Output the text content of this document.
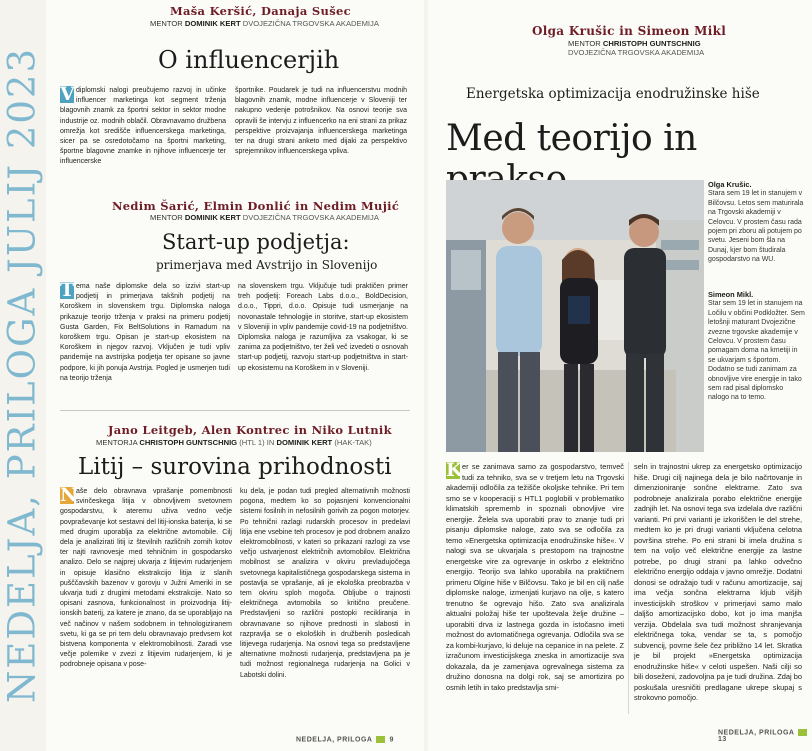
NEDELJA, PRILOGA JULIJ 2023
Maša Keršić, Danaja Sušec
MENTOR DOMINIK KERT DVOJEZIČNA TRGOVSKA AKADEMIJA
O influencerjih
V diplomski nalogi preučujemo razvoj in učinke influencer marketinga kot segment trženja blagovnih znamk za športni sektor in sektor modne industrije oz. modnih oblačil. Obravnavamo družbena omrežja kot središče influencerskega marketinga, sicer pa se osredotočamo na športni marketing, športne blagovne znamke in njihove influencerje ter influencerske
športnike. Poudarek je tudi na influencerstvu modnih blagovnih znamk, modne influencerje v Sloveniji ter nakupno vedenje potrošnikov. Na osnovi teorije sva opravili še intervju z influencerko na eni strani za prikaz perspektive proizvajanja influencerskega marketinga ter na drugi strani anketo med dijaki za perspektivo sprejemnikov influencerskega vpliva.
Nedim Šarić, Elmin Donlić in Nedim Mujić
MENTOR DOMINIK KERT DVOJEZIČNA TRGOVSKA AKADEMIJA
Start-up podjetja:
primerjava med Avstrijo in Slovenijo
T ema naše diplomske dela so izzivi start-up podjetij in primerjava takšnih podjetij na Koroškem in slovenskem trgu. Diplomska naloga prikazuje teorijo trženja v praksi na primeru podjetij Gusta Garden, Fix BeltSolutions in Ramadum na koroškem trgu. Opisan je start-up ekosistem na Koroškem in njegov razvoj. Vključen je tudi vpliv pandemije na avstrijska podjetja ter opisane so javne podpore, ki jih ponuja Avstrija. Pogled je usmerjen tudi na teorijo trženja
na slovenskem trgu. Vključuje tudi praktičen primer treh podjetij: Foreach Labs d.o.o., BoldDecision, d.o.o., Tippri, d.o.o. Opisuje tudi usmerjanje na novonastale tehnologije in storitve, start-up ekosistem v Sloveniji in vpliv pandemije covid-19 na podjetništvo. Diplomska naloga je razumljiva za vsakogar, ki se zanima za podjetništvo, ter želi več izvedeti o osnovah start-up podjetij, razvoju start-up podjetništva in start-up ekosistemu na Koroškem in v Sloveniji.
Jano Leitgeb, Alen Kontrec in Niko Lutnik
MENTORJA CHRISTOPH GUNTSCHNIG (HTL 1) IN DOMINIK KERT (HAK-TAK)
Litij – surovina prihodnosti
N
aše delo obravnava vprašanje pomembnosti svinčeskega litija v obnovljivem svetovnem gospodarstvu, k ateremu uživa vedno večje povpraševanje kot sestavni del litij-ionska baterija, ki se med drugim uporablja za električne avtomobile. Cilj dela je analizirati litij iz številnih različnih zornih kotov ter najti ravnovesje med tehničnim in gospodarsko analizo. Delo se najprej ukvarja z litijevim rudarjenjem in opisuje klasično ekstrakcijo litija iz slanih pušččavskih bazenov v gorovju v Južni Ameriki in se ukvarja tudi z drugimi metodami ekstrakcije. Nato so opisani zasnova, funkcionalnost in proizvodnja litij-ionskih baterij, za katere je znano, da se uporabljajo na več načinov v našem sodobnem in tehnologiziranem svetu, ki ga se pri tem delu obravnavajo predvsem kot bistvena komponenta v elektromobilnosti. Zaradi vse večje polemike v zvezi z litijevim rudarjenjem, ki je podrobneje opisana v pose-
ku dela, je podan tudi pregled alternativnih možnosti pogona, medtem ko so pojasnjeni konvencionalni sistemi fosilnih in nefosilnih gorivih za pogon motorjev. Po tehnični razlagi rudarskih procesov in predelavi litija ene vsebine teh procesov je pod drobnem analizo elektromobilnosti, v kateri so prikazani razlogi za vse večjo ustvarjenost električnih avtomobilov. Električna mobilnost se analizira v okviru prevladujočega svetovnega kapitalističnega gospodarskega sistema in postavlja se vprašanje, ali je ekološka preobrazba v tem okviru sploh mogoča. Obljube o trajnosti električnega avtomobila so kritično preučene. Predstavljeni so različni postopki recikliranja in obravnavane so njihove prednosti in slabosti in razpravlja se o ekoloških in družbenih posledicah litijevega rudarjenja. Na osnovi tega so predstavljene alternativne možnosti rudarjenja, predstavljena pa je tudi možnost regionalnega rudarjenja na Golici v Labotski dolini.
NEDELJA, PRILOGA 9
Olga Krušic in Simeon Mikl
MENTOR CHRISTOPH GUNTSCHNIG
DVOJEZIČNA TRGOVSKA AKADEMIJA
Energetska optimizacija enodružinske hiše
Med teorijo in
Olga Krušic.
Stara sem 19 let in stanujem v Bilčovsu. Letos sem maturirala na Trgovski akademiji v Celovcu. V prostem času rada pojem pri zboru ali potujem po svetu. Jeseni bom šla na Dunaj, kjer bom študirala gospodarstvo na WU.
Simeon Mikl.
Star sem 19 let in stanujem na Ločilu v občini Podkložter. Sem letošnji maturant Dvojezične zvezne trgovske akademije v Celovcu. V prostem času pomagam doma na kmetiji in se ukvarjam s športom. Dodatno se tudi zanimam za obnovljive vire energije in tako sem rad pisal diplomsko nalogo na to temo.
K er se zanimava samo za gospodarstvo, temveč tudi za tehniko, sva se v tretjem letu na Trgovski akademiji odločila za težišče okoljske tehnike. Pri tem smo se v kooperaciji s HTL1 poglobili v problematiko klimatskih sprememb in spoznali obnovljive vire energije. Želela sva uporabiti prav to znanje tudi pri pisanju diplomske naloge, zato sva se odločila za temo »Energetska optimizacija enodružinske hiše«. V nalogi sva se ukvarjala s prestopom na trajnostne energetske vire za ogrevanje in oskrbo z električno energijo. Teorijo sva lahko uporabila na praktičnem primeru Olgine hiše v Bilčovsu. Tako je bil en cilj naše diplomske naloge, izmenjati kurjavo na olje, s katero trenutno še ogrevajo hišo. Zato sva analizirala aktualni položaj hiše ter upoštevala želje družine – uporabiti drva iz lastnega gozda in istočasno imeti možnost do avtomatičnega ogrevanja. Odločila sva se za kombi-kurjavo, ki deluje na cepanice in na pelete. Z izračunom investicijskega zneska in amortizacije sva dokazala, da je zamenjava ogrevalnega sistema za družino donosna na dolgi rok, saj se amortizira po osmih letih in tako predstavlja smi-
seln in trajnostni ukrep za energetsko optimizacijo hiše. Drugi cilj najinega dela je bilo načrtovanje in dimenzioniranje sončne elektrarne. Zato sva podrobneje analizirala porabo električne energije zadnjih let. Na osnovi tega sva izdelala dve različni varianti. Pri prvi varianti je izkoriščen le del strehe, medtem ko je pri drugi varianti vključena celotna površina strehe. Po eni strani bi imela družina s tem na voljo več električne energije za lastne potrebe, po drugi strani pa lahko odvečno električno energijo oddaja v javno omrežje. Dodatni donosi se odražajo tudi v računu amortizacije, saj ima večja sončna elektrarna kljub višjih investicijskih stroškov v primerjavi samo malo daljšo amortizacijsko dobo, kot jo ima manjša verzija. Obdelala sva tudi možnost shranjevanja električnega toka, vendar se ta, s pomočjo subvencij, povrne šele čez približno 14 let. Skratka je bil projekt »Energetska optimizacija enodružinske hiše« v celoti uspešen. Naši cilji so bili doseženi, zadovoljna pa je tudi družina. Zdaj bo poskušala uresničiti predlagane ukrepe skupaj s strokovno pomočjo.
NEDELJA, PRILOGA13
